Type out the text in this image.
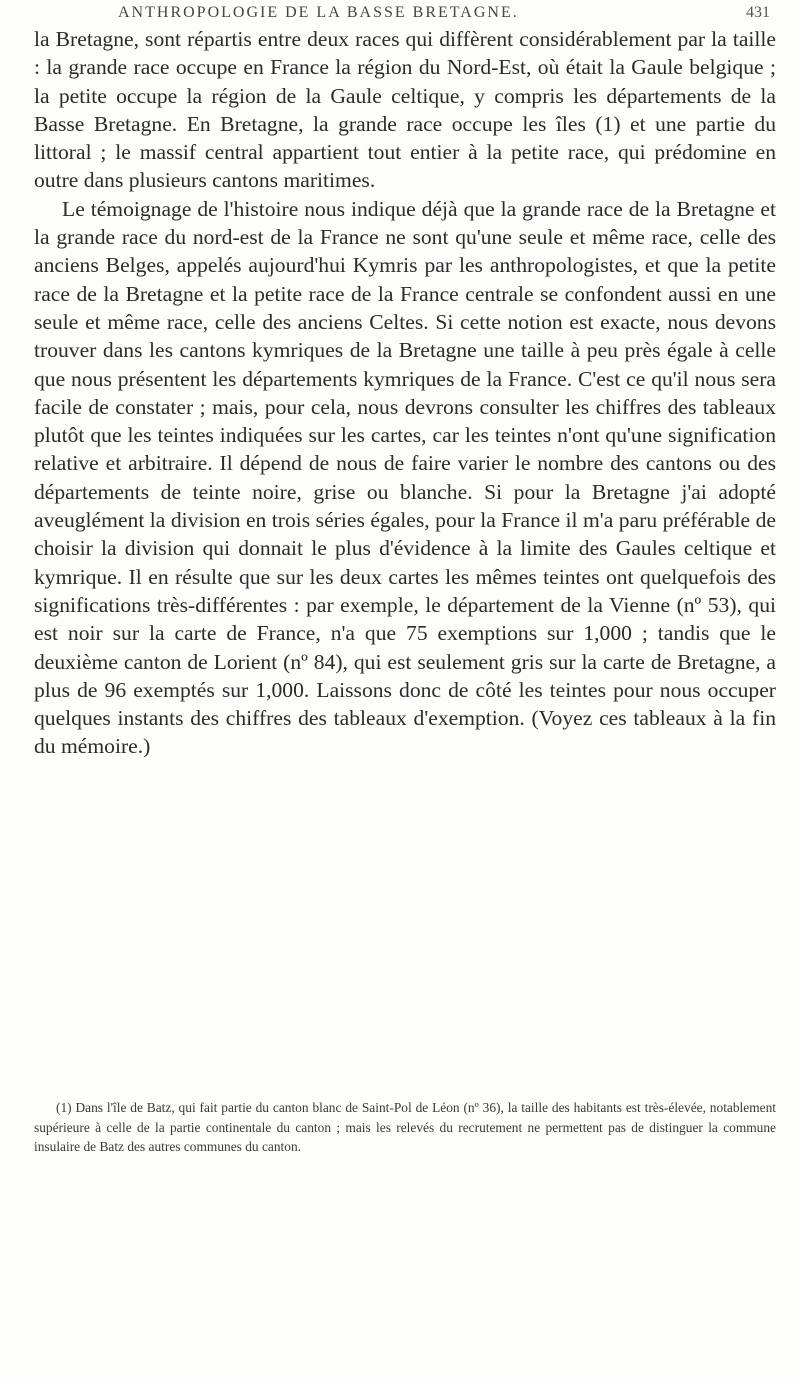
ANTHROPOLOGIE DE LA BASSE BRETAGNE.	431

la Bretagne, sont répartis entre deux races qui diffèrent considérablement par la taille : la grande race occupe en France la région du Nord-Est, où était la Gaule belgique ; la petite occupe la région de la Gaule celtique, y compris les départements de la Basse Bretagne. En Bretagne, la grande race occupe les îles (1) et une partie du littoral ; le massif central appartient tout entier à la petite race, qui prédomine en outre dans plusieurs cantons maritimes.

Le témoignage de l'histoire nous indique déjà que la grande race de la Bretagne et la grande race du nord-est de la France ne sont qu'une seule et même race, celle des anciens Belges, appelés aujourd'hui Kymris par les anthropologistes, et que la petite race de la Bretagne et la petite race de la France centrale se confondent aussi en une seule et même race, celle des anciens Celtes. Si cette notion est exacte, nous devons trouver dans les cantons kymriques de la Bretagne une taille à peu près égale à celle que nous présentent les départements kymriques de la France. C'est ce qu'il nous sera facile de constater ; mais, pour cela, nous devrons consulter les chiffres des tableaux plutôt que les teintes indiquées sur les cartes, car les teintes n'ont qu'une signification relative et arbitraire. Il dépend de nous de faire varier le nombre des cantons ou des départements de teinte noire, grise ou blanche. Si pour la Bretagne j'ai adopté aveuglément la division en trois séries égales, pour la France il m'a paru préférable de choisir la division qui donnait le plus d'évidence à la limite des Gaules celtique et kymrique. Il en résulte que sur les deux cartes les mêmes teintes ont quelquefois des significations très-différentes : par exemple, le département de la Vienne (nº 53), qui est noir sur la carte de France, n'a que 75 exemptions sur 1,000 ; tandis que le deuxième canton de Lorient (nº 84), qui est seulement gris sur la carte de Bretagne, a plus de 96 exemptés sur 1,000. Laissons donc de côté les teintes pour nous occuper quelques instants des chiffres des tableaux d'exemption. (Voyez ces tableaux à la fin du mémoire.)

(1) Dans l'île de Batz, qui fait partie du canton blanc de Saint-Pol de Léon (nº 36), la taille des habitants est très-élevée, notablement supérieure à celle de la partie continentale du canton ; mais les relevés du recrutement ne permettent pas de distinguer la commune insulaire de Batz des autres communes du canton.
